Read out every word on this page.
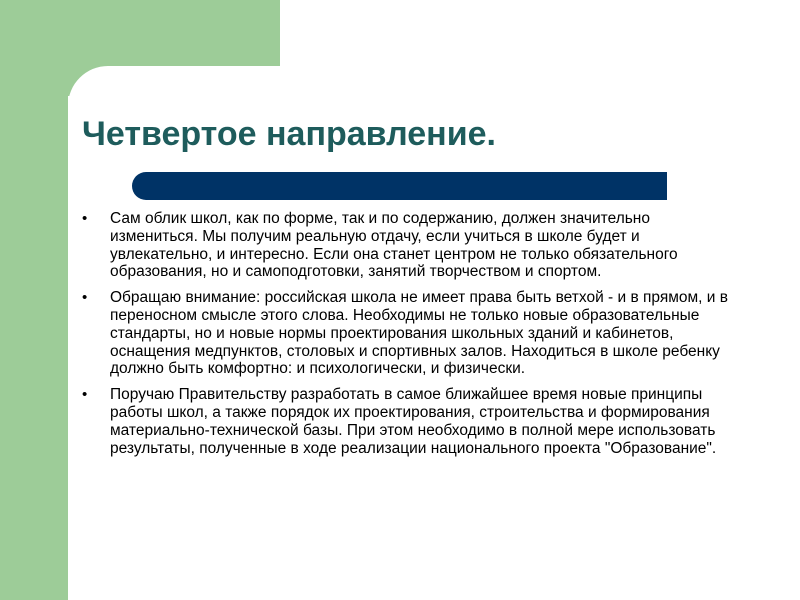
Четвертое направление.
• Сам облик школ, как по форме, так и по содержанию, должен значительно измениться. Мы получим реальную отдачу, если учиться в школе будет и увлекательно, и интересно. Если она станет центром не только обязательного образования, но и самоподготовки, занятий творчеством и спортом.
• Обращаю внимание: российская школа не имеет права быть ветхой - и в прямом, и в переносном смысле этого слова. Необходимы не только новые образовательные стандарты, но и новые нормы проектирования школьных зданий и кабинетов, оснащения медпунктов, столовых и спортивных залов. Находиться в школе ребенку должно быть комфортно: и психологически, и физически.
• Поручаю Правительству разработать в самое ближайшее время новые принципы работы школ, а также порядок их проектирования, строительства и формирования материально-технической базы. При этом необходимо в полной мере использовать результаты, полученные в ходе реализации национального проекта "Образование".
